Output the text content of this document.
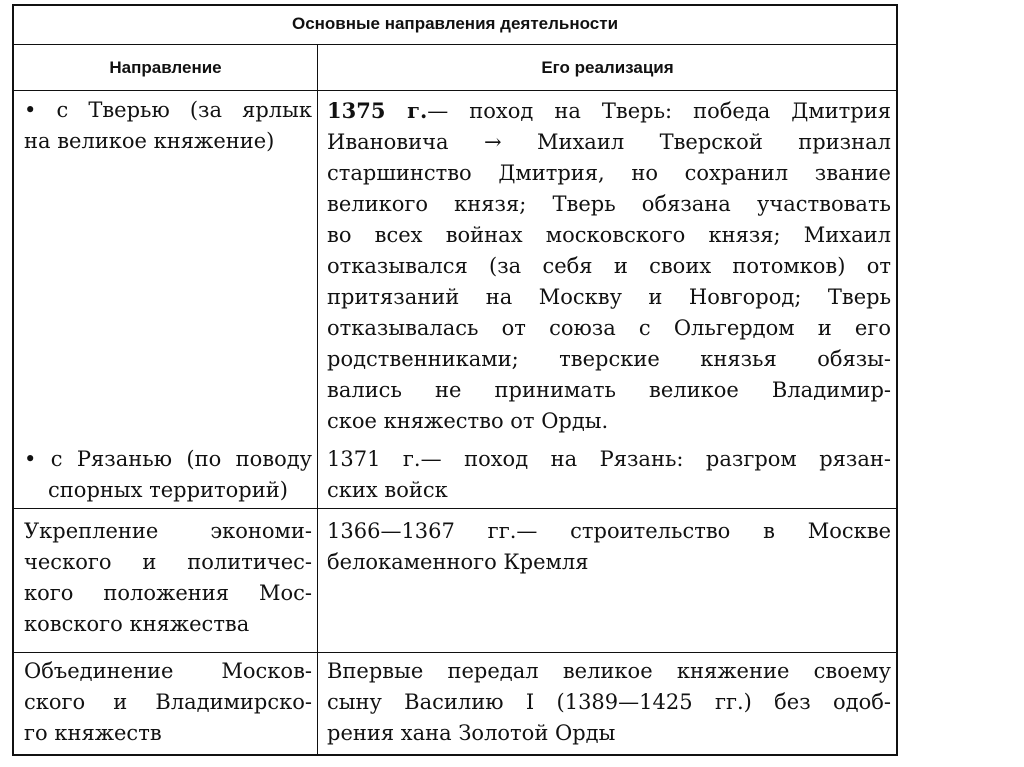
Основные направления деятельности
Направление	Его реализация
• с Тверью (за ярлык
на великое княжение)
1375 г.— поход на Тверь: победа Дмитрия
Ивановича → Михаил Тверской признал
старшинство Дмитрия, но сохранил звание
великого князя; Тверь обязана участвовать
во всех войнах московского князя; Михаил
отказывался (за себя и своих потомков) от
притязаний на Москву и Новгород; Тверь
отказывалась от союза с Ольгердом и его
родственниками; тверские князья обязы-
вались не принимать великое Владимир-
ское княжество от Орды.
• с Рязанью (по поводу
спорных территорий)
1371 г.— поход на Рязань: разгром рязан-
ских войск
Укрепление экономи-
ческого и политичес-
кого положения Мос-
ковского княжества
1366—1367 гг.— строительство в Москве
белокаменного Кремля
Объединение Москов-
ского и Владимирско-
го княжеств
Впервые передал великое княжение своему
сыну Василию I (1389—1425 гг.) без одоб-
рения хана Золотой Орды
